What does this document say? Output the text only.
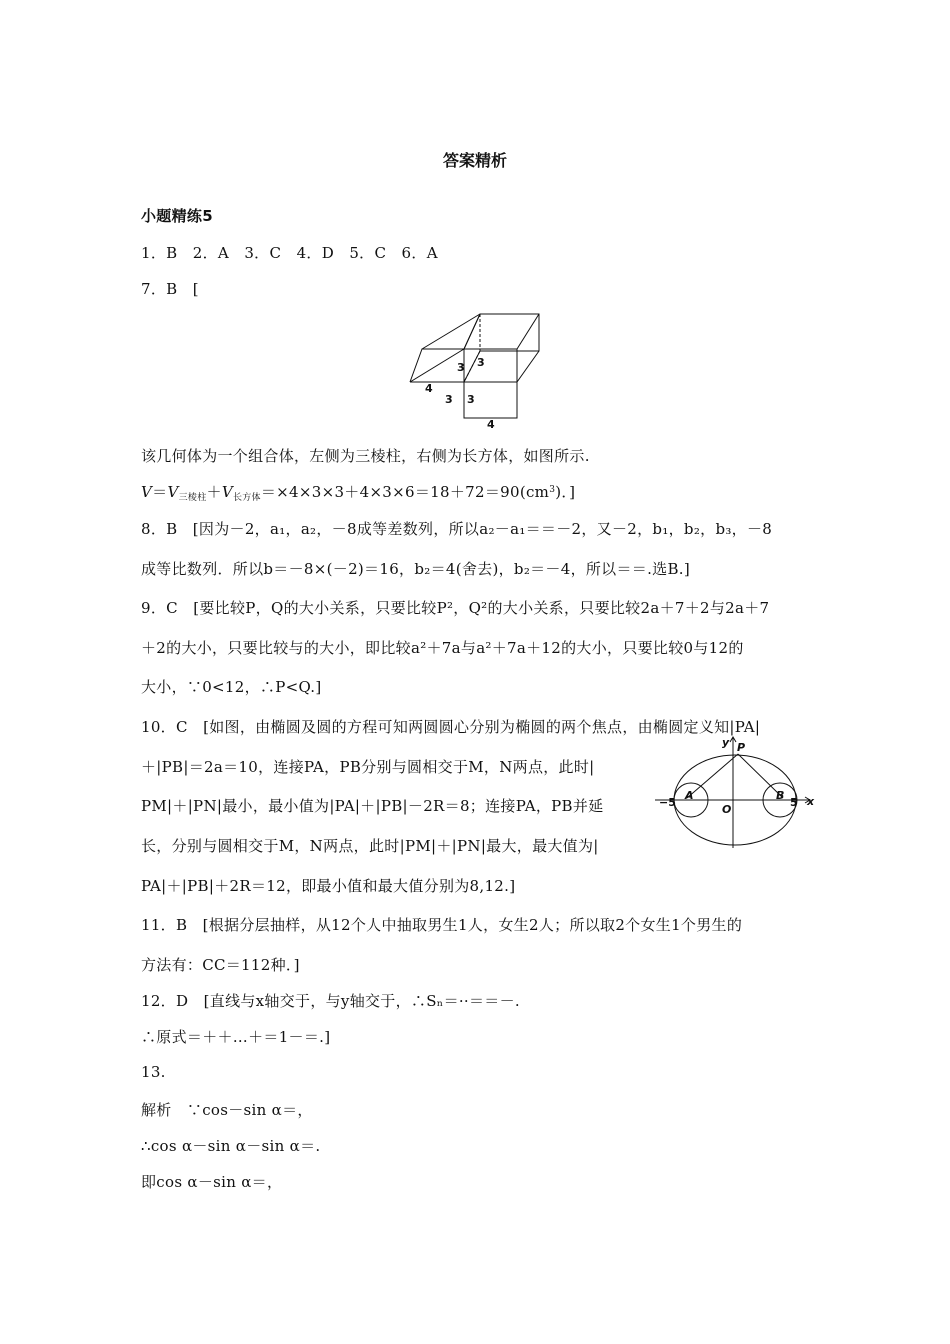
答案精析
小题精练5
1．B　2．A　3．C　4．D　5．C　6．A
7．B　[
3 3
4
3 3
4
该几何体为一个组合体，左侧为三棱柱，右侧为长方体，如图所示.
$V=V_{三棱柱}+V_{长方体}=\times 4\times 3\times 3+4\times 3\times 6=18+72=90(cm^3)$．]
8．B　[因为－2，a₁，a₂，－8成等差数列，所以a₂－a₁＝＝－2，又－2，b₁，b₂，b₃，－8
成等比数列．所以b＝－8×(－2)＝16，b₂＝4(舍去)，b₂＝－4，所以＝＝.选B.]
9．C　[要比较P，Q的大小关系，只要比较P²，Q²的大小关系，只要比较2a＋7＋2与2a＋7
＋2的大小，只要比较与的大小，即比较a²＋7a与a²＋7a＋12的大小，只要比较0与12的
大小，∵0<12，∴P<Q.]
10．C　[如图，由椭圆及圆的方程可知两圆圆心分别为椭圆的两个焦点，由椭圆定义知|PA|
＋|PB|＝2a＝10，连接PA，PB分别与圆相交于M，N两点，此时|
PM|＋|PN|最小，最小值为|PA|＋|PB|－2R＝8；连接PA，PB并延
长，分别与圆相交于M，N两点，此时|PM|＋|PN|最大，最大值为|
PA|＋|PB|＋2R＝12，即最小值和最大值分别为8,12.]
y P
A	B
O
−5	5 x
11．B　[根据分层抽样，从12个人中抽取男生1人，女生2人；所以取2个女生1个男生的
方法有：CC＝112种．]
12．D　[直线与x轴交于，与y轴交于，∴Sₙ＝··＝＝－.
∴原式＝＋＋…＋＝1－＝.]
13.
解析　∵cos－sin α＝，
∴cos α－sin α－sin α＝.
即cos α－sin α＝，
